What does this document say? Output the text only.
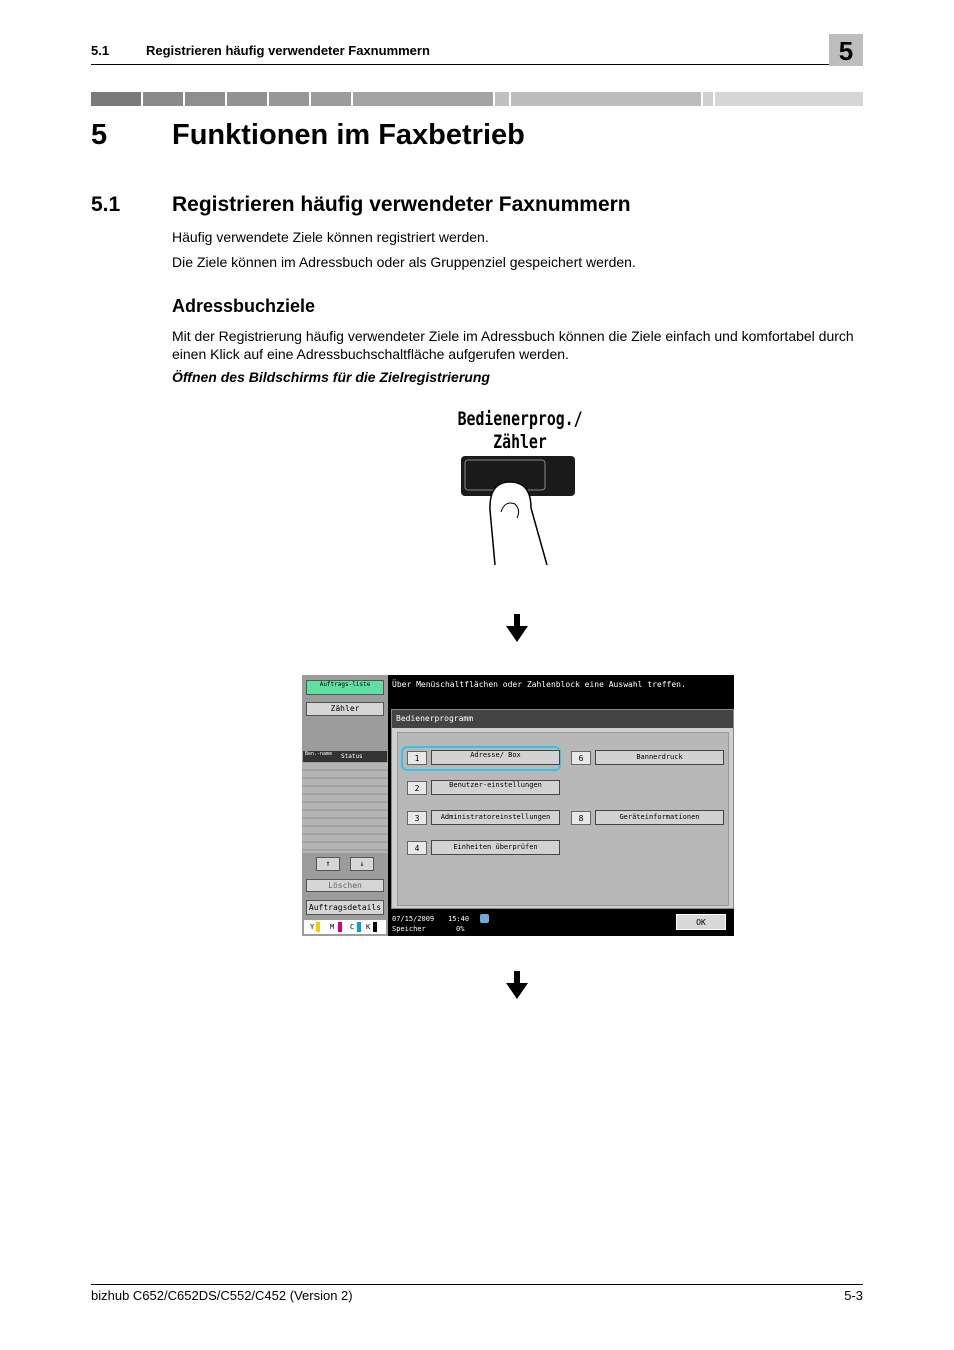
5.1	Registrieren häufig verwendeter Faxnummern	5
5 Funktionen im Faxbetrieb
5.1 Registrieren häufig verwendeter Faxnummern
Häufig verwendete Ziele können registriert werden.
Die Ziele können im Adressbuch oder als Gruppenziel gespeichert werden.
Adressbuchziele
Mit der Registrierung häufig verwendeter Ziele im Adressbuch können die Ziele einfach und komfortabel durch einen Klick auf eine Adressbuchschaltfläche aufgerufen werden.
Öffnen des Bildschirms für die Zielregistrierung
Bedienerprog./
Zähler
Auftrags-liste
Zähler
Ben.-name	Status
↑	↓
Löschen
Auftragsdetails
Y M C K
Über Menüschaltflächen oder Zahlenblock eine Auswahl treffen.
Bedienerprogramm
1	Adresse/ Box
2	Benutzer-einstellungen
3	Administratoreinstellungen
4	Einheiten überprüfen
6	Bannerdruck
8	Geräteinformationen
07/15/2009 15:40
Speicher	0%
OK
bizhub C652/C652DS/C552/C452 (Version 2)	5-3
